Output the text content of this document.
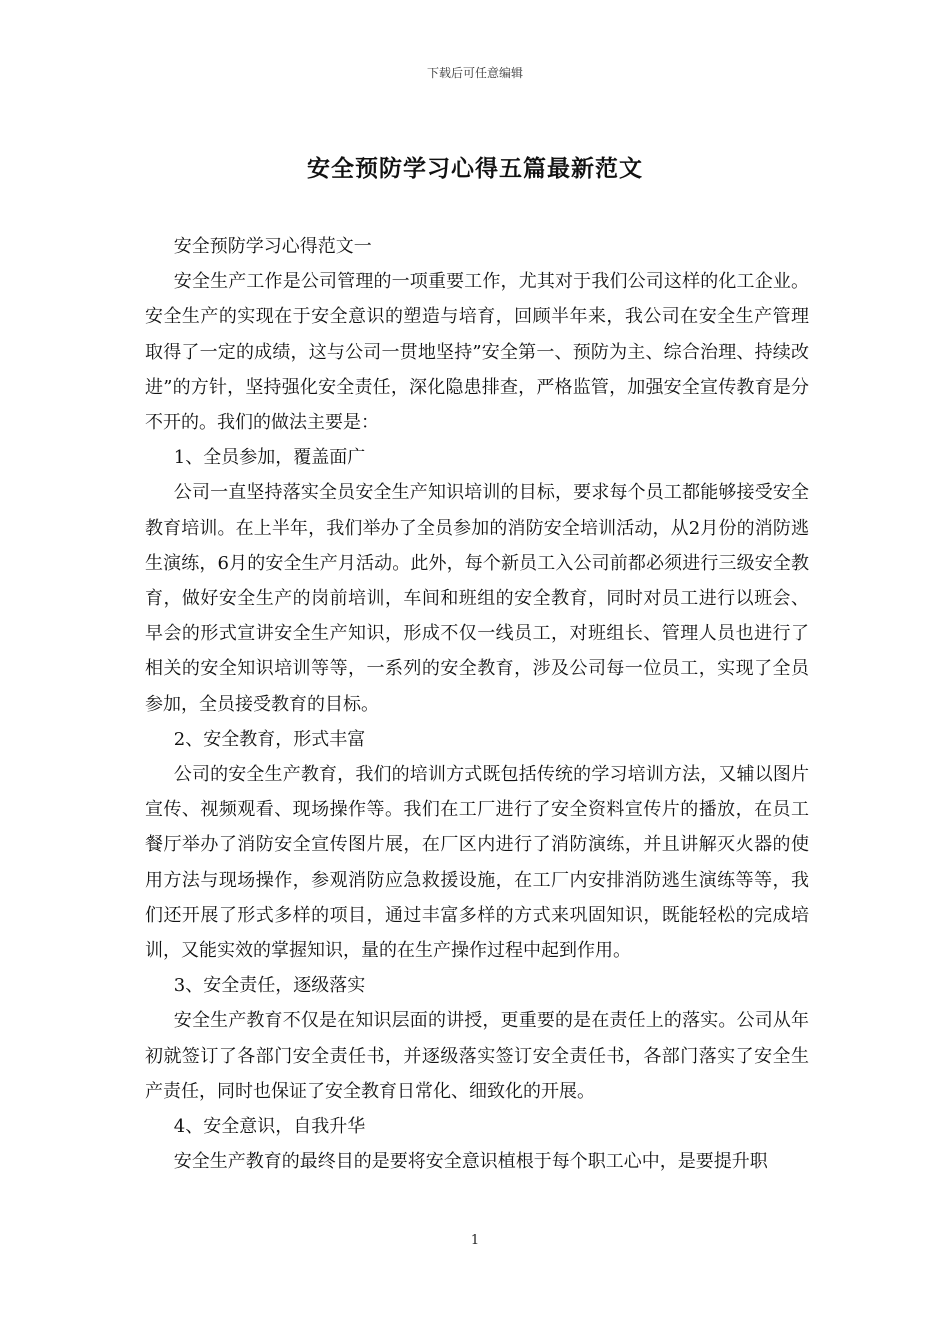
下载后可任意编辑
安全预防学习心得五篇最新范文

安全预防学习心得范文一

安全生产工作是公司管理的一项重要工作，尤其对于我们公司这样的化工企业。安全生产的实现在于安全意识的塑造与培育，回顾半年来，我公司在安全生产管理取得了一定的成绩，这与公司一贯地坚持”安全第一、预防为主、综合治理、持续改进”的方针，坚持强化安全责任，深化隐患排查，严格监管，加强安全宣传教育是分不开的。我们的做法主要是：

1、全员参加，覆盖面广

公司一直坚持落实全员安全生产知识培训的目标，要求每个员工都能够接受安全教育培训。在上半年，我们举办了全员参加的消防安全培训活动，从2月份的消防逃生演练，6月的安全生产月活动。此外，每个新员工入公司前都必须进行三级安全教育，做好安全生产的岗前培训，车间和班组的安全教育，同时对员工进行以班会、早会的形式宣讲安全生产知识，形成不仅一线员工，对班组长、管理人员也进行了相关的安全知识培训等等，一系列的安全教育，涉及公司每一位员工，实现了全员参加，全员接受教育的目标。

2、安全教育，形式丰富

公司的安全生产教育，我们的培训方式既包括传统的学习培训方法，又辅以图片宣传、视频观看、现场操作等。我们在工厂进行了安全资料宣传片的播放，在员工餐厅举办了消防安全宣传图片展，在厂区内进行了消防演练，并且讲解灭火器的使用方法与现场操作，参观消防应急救援设施，在工厂内安排消防逃生演练等等，我们还开展了形式多样的项目，通过丰富多样的方式来巩固知识，既能轻松的完成培训，又能实效的掌握知识，量的在生产操作过程中起到作用。

3、安全责任，逐级落实

安全生产教育不仅是在知识层面的讲授，更重要的是在责任上的落实。公司从年初就签订了各部门安全责任书，并逐级落实签订安全责任书，各部门落实了安全生产责任，同时也保证了安全教育日常化、细致化的开展。

4、安全意识，自我升华

安全生产教育的最终目的是要将安全意识植根于每个职工心中，是要提升职

1
